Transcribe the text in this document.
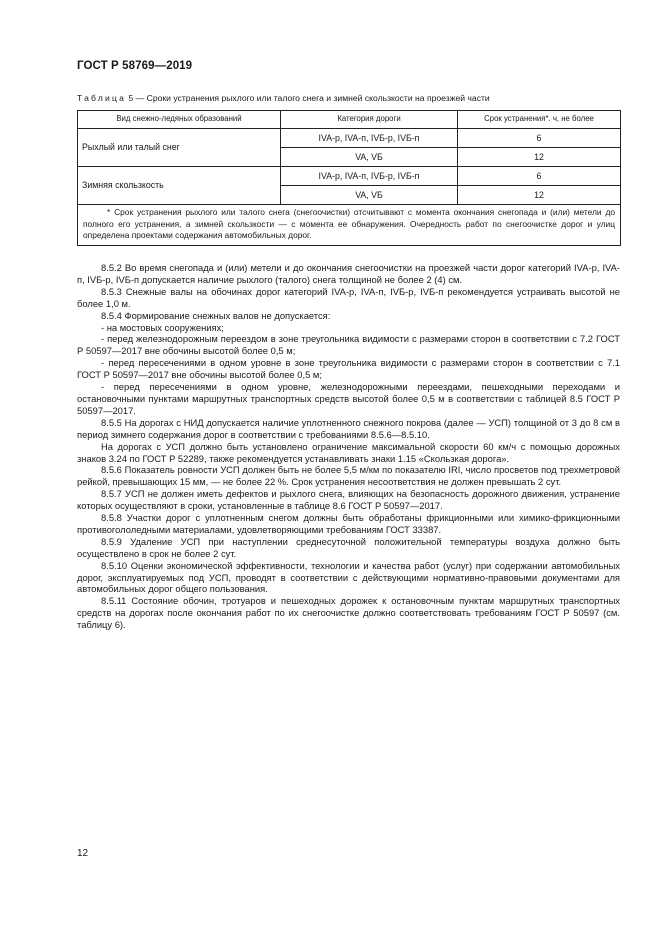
ГОСТ Р 58769—2019
Таблица 5 — Сроки устранения рыхлого или талого снега и зимней скользкости на проезжей части
Вид снежно-ледяных образований	Категория дороги	Срок устранения*. ч, не более
Рыхлый или талый снег	IVA-p, IVA-п, IVБ-р, IVБ-п	6
	VA, VБ	12
Зимняя скользкость	IVA-p, IVA-п, IVБ-р, IVБ-п	6
	VA, VБ	12
* Срок устранения рыхлого или талого снега (снегоочистки) отсчитывают с момента окончания снегопада и (или) метели до полного его устранения, а зимней скользкости — с момента ее обнаружения. Очередность работ по снегоочистке дорог и улиц определена проектами содержания автомобильных дорог.		

8.5.2 Во время снегопада и (или) метели и до окончания снегоочистки на проезжей части дорог категорий IVA-р, IVA-п, IVБ-р, IVБ-п допускается наличие рыхлого (талого) снега толщиной не более 2 (4) см.

8.5.3 Снежные валы на обочинах дорог категорий IVA-р, IVA-п, IVБ-р, IVБ-п рекомендуется устраивать высотой не более 1,0 м.

8.5.4 Формирование снежных валов не допускается:

- на мостовых сооружениях;

- перед железнодорожным переездом в зоне треугольника видимости с размерами сторон в соответствии с 7.2 ГОСТ Р 50597—2017 вне обочины высотой более 0,5 м;

- перед пересечениями в одном уровне в зоне треугольника видимости с размерами сторон в соответствии с 7.1 ГОСТ Р 50597—2017 вне обочины высотой более 0,5 м;

- перед пересечениями в одном уровне, железнодорожными переездами, пешеходными переходами и остановочными пунктами маршрутных транспортных средств высотой более 0,5 м в соответствии с таблицей 8.5 ГОСТ Р 50597—2017.

8.5.5 На дорогах с НИД допускается наличие уплотненного снежного покрова (далее — УСП) толщиной от 3 до 8 см в период зимнего содержания дорог в соответствии с требованиями 8.5.6—8.5.10.

На дорогах с УСП должно быть установлено ограничение максимальной скорости 60 км/ч с помощью дорожных знаков 3.24 по ГОСТ Р 52289, также рекомендуется устанавливать знаки 1.15 «Скользкая дорога».

8.5.6 Показатель ровности УСП должен быть не более 5,5 м/км по показателю IRI, число просветов под трехметровой рейкой, превышающих 15 мм, — не более 22 %. Срок устранения несоответствия не должен превышать 2 сут.

8.5.7 УСП не должен иметь дефектов и рыхлого снега, влияющих на безопасность дорожного движения, устранение которых осуществляют в сроки, установленные в таблице 8.6 ГОСТ Р 50597—2017.

8.5.8 Участки дорог с уплотненным снегом должны быть обработаны фрикционными или химико-фрикционными противогололедными материалами, удовлетворяющими требованиям ГОСТ 33387.

8.5.9 Удаление УСП при наступлении среднесуточной положительной температуры воздуха должно быть осуществлено в срок не более 2 сут.

8.5.10 Оценки экономической эффективности, технологии и качества работ (услуг) при содержании автомобильных дорог, эксплуатируемых под УСП, проводят в соответствии с действующими нормативно-правовыми документами для автомобильных дорог общего пользования.

8.5.11 Состояние обочин, тротуаров и пешеходных дорожек к остановочным пунктам маршрутных транспортных средств на дорогах после окончания работ по их снегоочистке должно соответствовать требованиям ГОСТ Р 50597 (см. таблицу 6).

12
